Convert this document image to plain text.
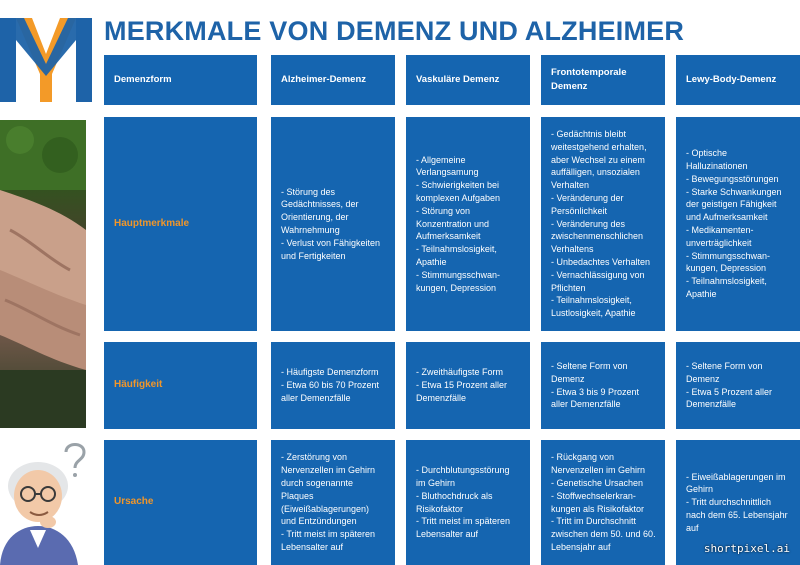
MERKMALE VON DEMENZ UND ALZHEIMER
Demenzform	Alzheimer-Demenz	Vaskuläre Demenz
Frontotemporale
Demenz
Lewy-Body-Demenz
Hauptmerkmale
Häufigkeit
Ursache
- Störung des
Gedächtnisses, der
Orientierung, der
Wahrnehmung
- Verlust von Fähigkeiten
und Fertigkeiten
- Allgemeine
Verlangsamung
- Schwierigkeiten bei
komplexen Aufgaben
- Störung von
Konzentration und
Aufmerksamkeit
- Teilnahmslosigkeit,
Apathie
- Stimmungsschwan-
kungen, Depression
- Gedächtnis bleibt
weitestgehend erhalten,
aber Wechsel zu einem
auffälligen, unsozialen
Verhalten
- Veränderung der
Persönlichkeit
- Veränderung des
zwischenmenschlichen
Verhaltens
- Unbedachtes Verhalten
- Vernachlässigung von
Pflichten
- Teilnahmslosigkeit,
Lustlosigkeit, Apathie
- Optische
Halluzinationen
- Bewegungsstörungen
- Starke Schwankungen
der geistigen Fähigkeit
und Aufmerksamkeit
- Medikamenten-
unverträglichkeit
- Stimmungsschwan-
kungen, Depression
- Teilnahmslosigkeit,
Apathie
- Häufigste Demenzform
- Etwa 60 bis 70 Prozent
aller Demenzfälle
- Zweithäufigste Form
- Etwa 15 Prozent aller
Demenzfälle
- Seltene Form von
Demenz
- Etwa 3 bis 9 Prozent
aller Demenzfälle
- Seltene Form von
Demenz
- Etwa 5 Prozent aller
Demenzfälle
- Zerstörung von
Nervenzellen im Gehirn
durch sogenannte
Plaques
(Eiweißablagerungen)
und Entzündungen
- Tritt meist im späteren
Lebensalter auf
- Durchblutungsstörung
im Gehirn
- Bluthochdruck als
Risikofaktor
- Tritt meist im späteren
Lebensalter auf
- Rückgang von
Nervenzellen im Gehirn
- Genetische Ursachen
- Stoffwechselerkran-
kungen als Risikofaktor
- Tritt im Durchschnitt
zwischen dem 50. und 60.
Lebensjahr auf
- Eiweißablagerungen im
Gehirn
- Tritt durchschnittlich
nach dem 65. Lebensjahr
auf
shortpixel.ai
